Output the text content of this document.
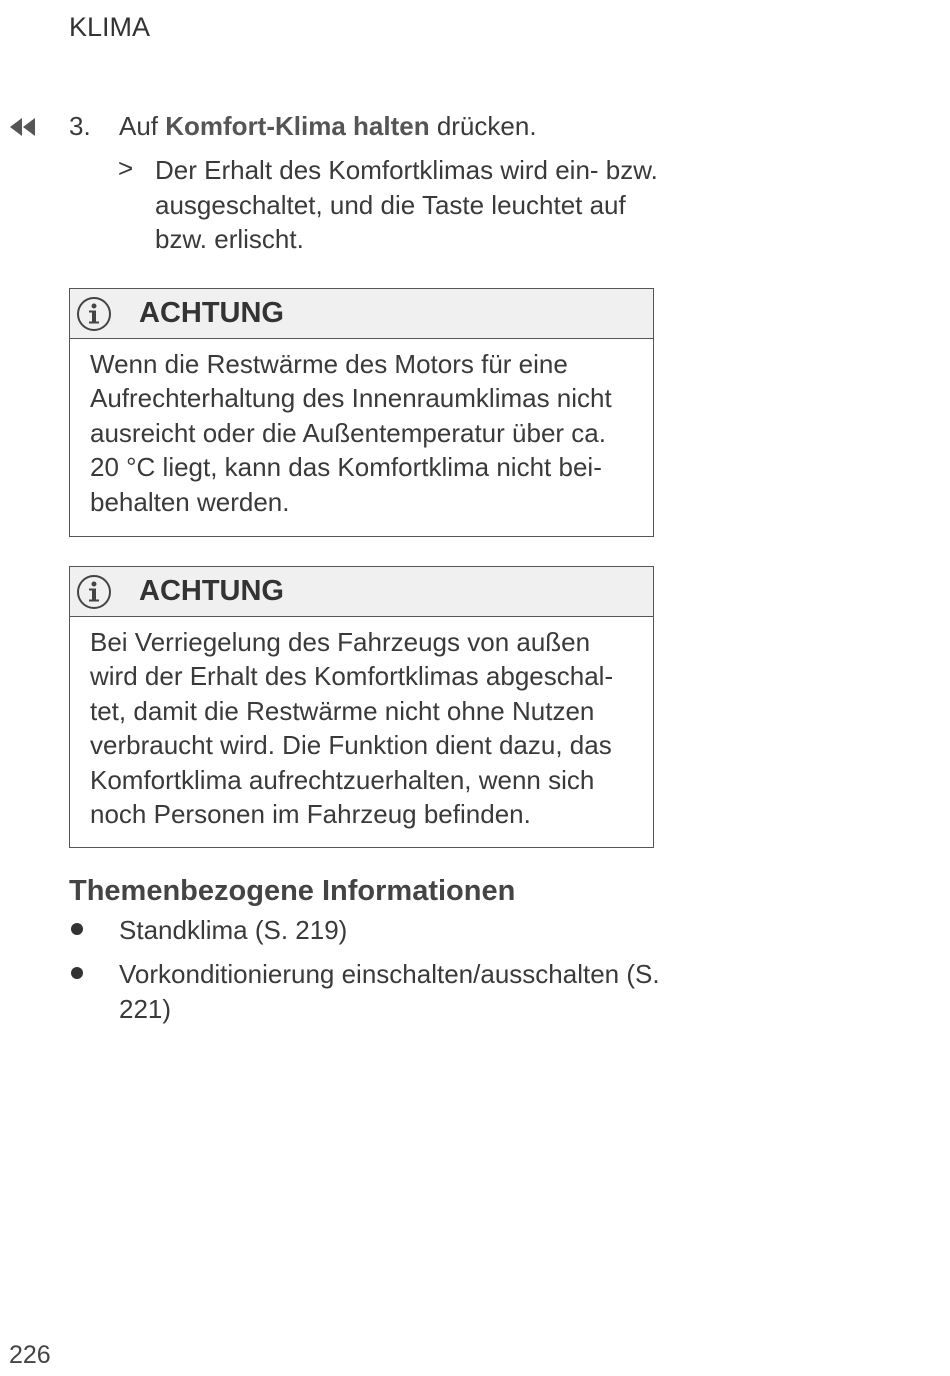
KLIMA
3. Auf Komfort-Klima halten drücken.
> Der Erhalt des Komfortklimas wird ein- bzw. ausgeschaltet, und die Taste leuchtet auf bzw. erlischt.
ACHTUNG
Wenn die Restwärme des Motors für eine Aufrechterhaltung des Innenraumklimas nicht ausreicht oder die Außentemperatur über ca. 20 °C liegt, kann das Komfortklima nicht bei-behalten werden.
ACHTUNG
Bei Verriegelung des Fahrzeugs von außen wird der Erhalt des Komfortklimas abgeschal-tet, damit die Restwärme nicht ohne Nutzen verbraucht wird. Die Funktion dient dazu, das Komfortklima aufrechtzuerhalten, wenn sich noch Personen im Fahrzeug befinden.
Themenbezogene Informationen
Standklima (S. 219)
Vorkonditionierung einschalten/ausschalten (S. 221)
226
